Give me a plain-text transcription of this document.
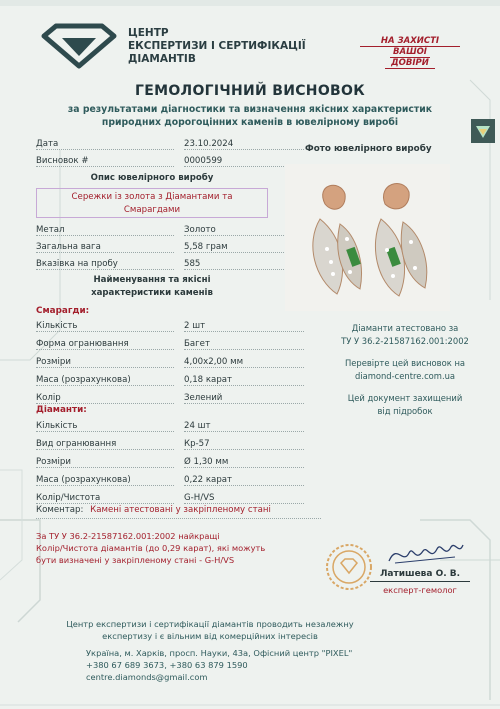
ЦЕНТР
ЕКСПЕРТИЗИ І СЕРТИФІКАЦІЇ
ДІАМАНТІВ
НА ЗАХИСТІ
ВАШОЇ
ДОВІРИ
ГЕМОЛОГІЧНИЙ ВИСНОВОК
за результатами діагностики та визначення якісних характеристик
природних дорогоцінних каменів в ювелірному виробі
Дата	23.10.2024
Висновок #	0000599
Опис ювелірного виробу
Сережки із золота з Діамантами та
Смарагдами
Метал	Золото
Загальна вага	5,58 грам
Вказівка на пробу	585
Найменування та якісні
характеристики каменів
Смарагди:
Кількість	2 шт
Форма огранювання	Багет
Розміри	4,00x2,00 мм
Маса (розрахункова)	0,18 карат
Колір	Зелений
Діаманти:
Кількість	24 шт
Вид огранювання	Кр-57
Розміри	Ø 1,30 мм
Маса (розрахункова)	0,22 карат
Колір/Чистота	G-H/VS
Коментар: Камені атестовані у закріпленому стані
Фото ювелірного виробу
Діаманти атестовано за
ТУ У 36.2-21587162.001:2002
Перевірте цей висновок на
diamond-centre.com.ua
Цей документ захищений
від підробок
За ТУ У 36.2-21587162.001:2002 найкращі
Колір/Чистота діамантів (до 0,29 карат), які можуть
бути визначені у закріпленому стані - G-H/VS
Латишева О. В.
експерт-гемолог
Центр експертизи і сертифікації діамантів проводить незалежну
експертизу і є вільним від комерційних інтересів
Україна, м. Харків, просп. Науки, 43а, Офісний центр "PIXEL"
+380 67 689 3673, +380 63 879 1590
centre.diamonds@gmail.com
